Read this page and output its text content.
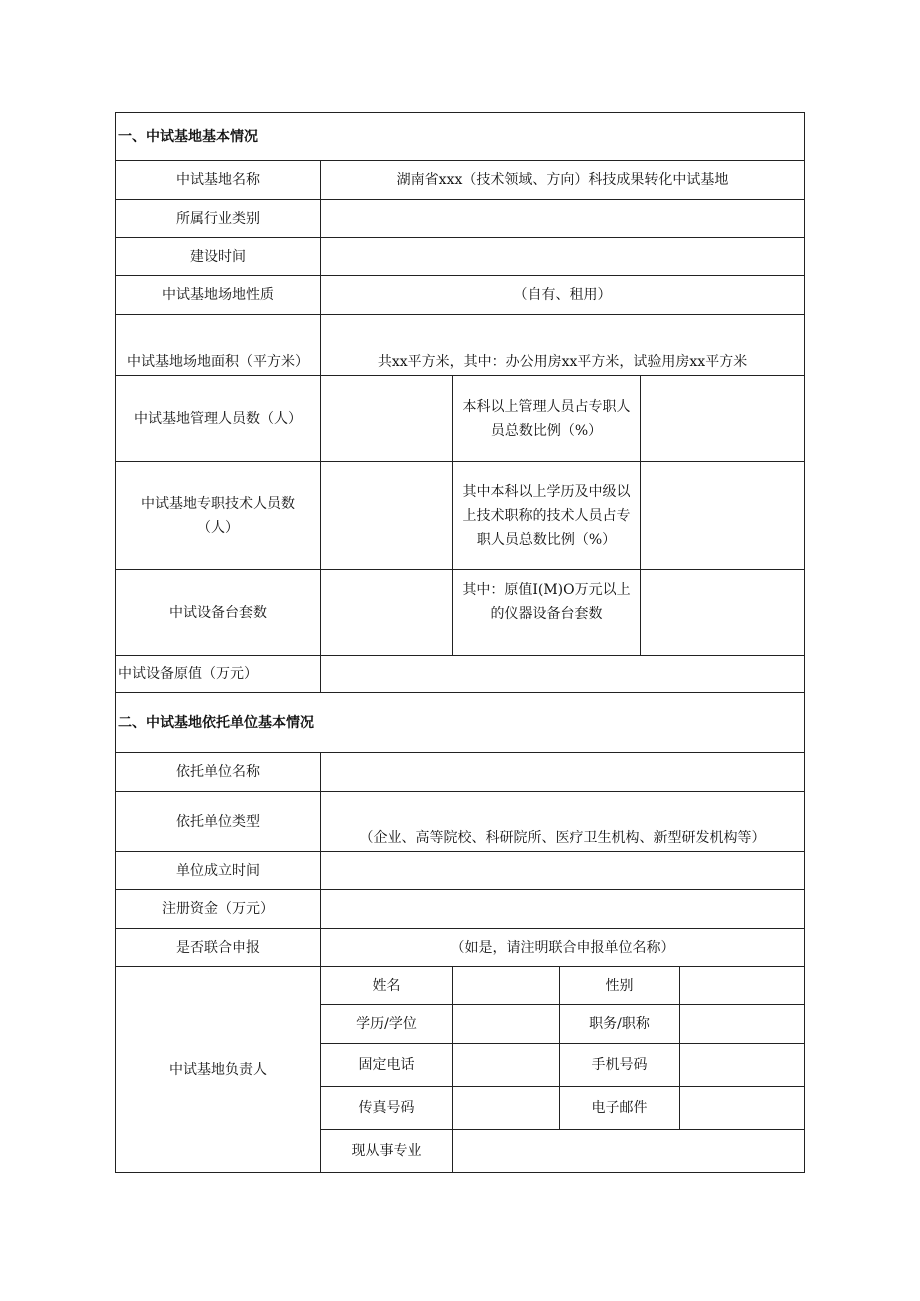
一、中试基地基本情况					
中试基地名称	湖南省xxx（技术领域、方向）科技成果转化中试基地				
所属行业类别					
建设时间					
中试基地场地性质	（自有、租用）				
中试基地场地面积（平方米）	共xx平方米，其中：办公用房xx平方米，试验用房xx平方米				
中试基地管理人员数（人）		本科以上管理人员占专职人员总数比例（%）			
中试基地专职技术人员数（人）		其中本科以上学历及中级以上技术职称的技术人员占专职人员总数比例（%）			
中试设备台套数		其中：原值I(M)O万元以上的仪器设备台套数			
中试设备原值（万元）					
二、中试基地依托单位基本情况					
依托单位名称					
依托单位类型	（企业、高等院校、科研院所、医疗卫生机构、新型研发机构等）				
单位成立时间					
注册资金（万元）					
是否联合申报	（如是，请注明联合申报单位名称）				
中试基地负责人	姓名		性别		
	学历/学位		职务/职称		
	固定电话		手机号码		
	传真号码		电子邮件		
	现从事专业				
